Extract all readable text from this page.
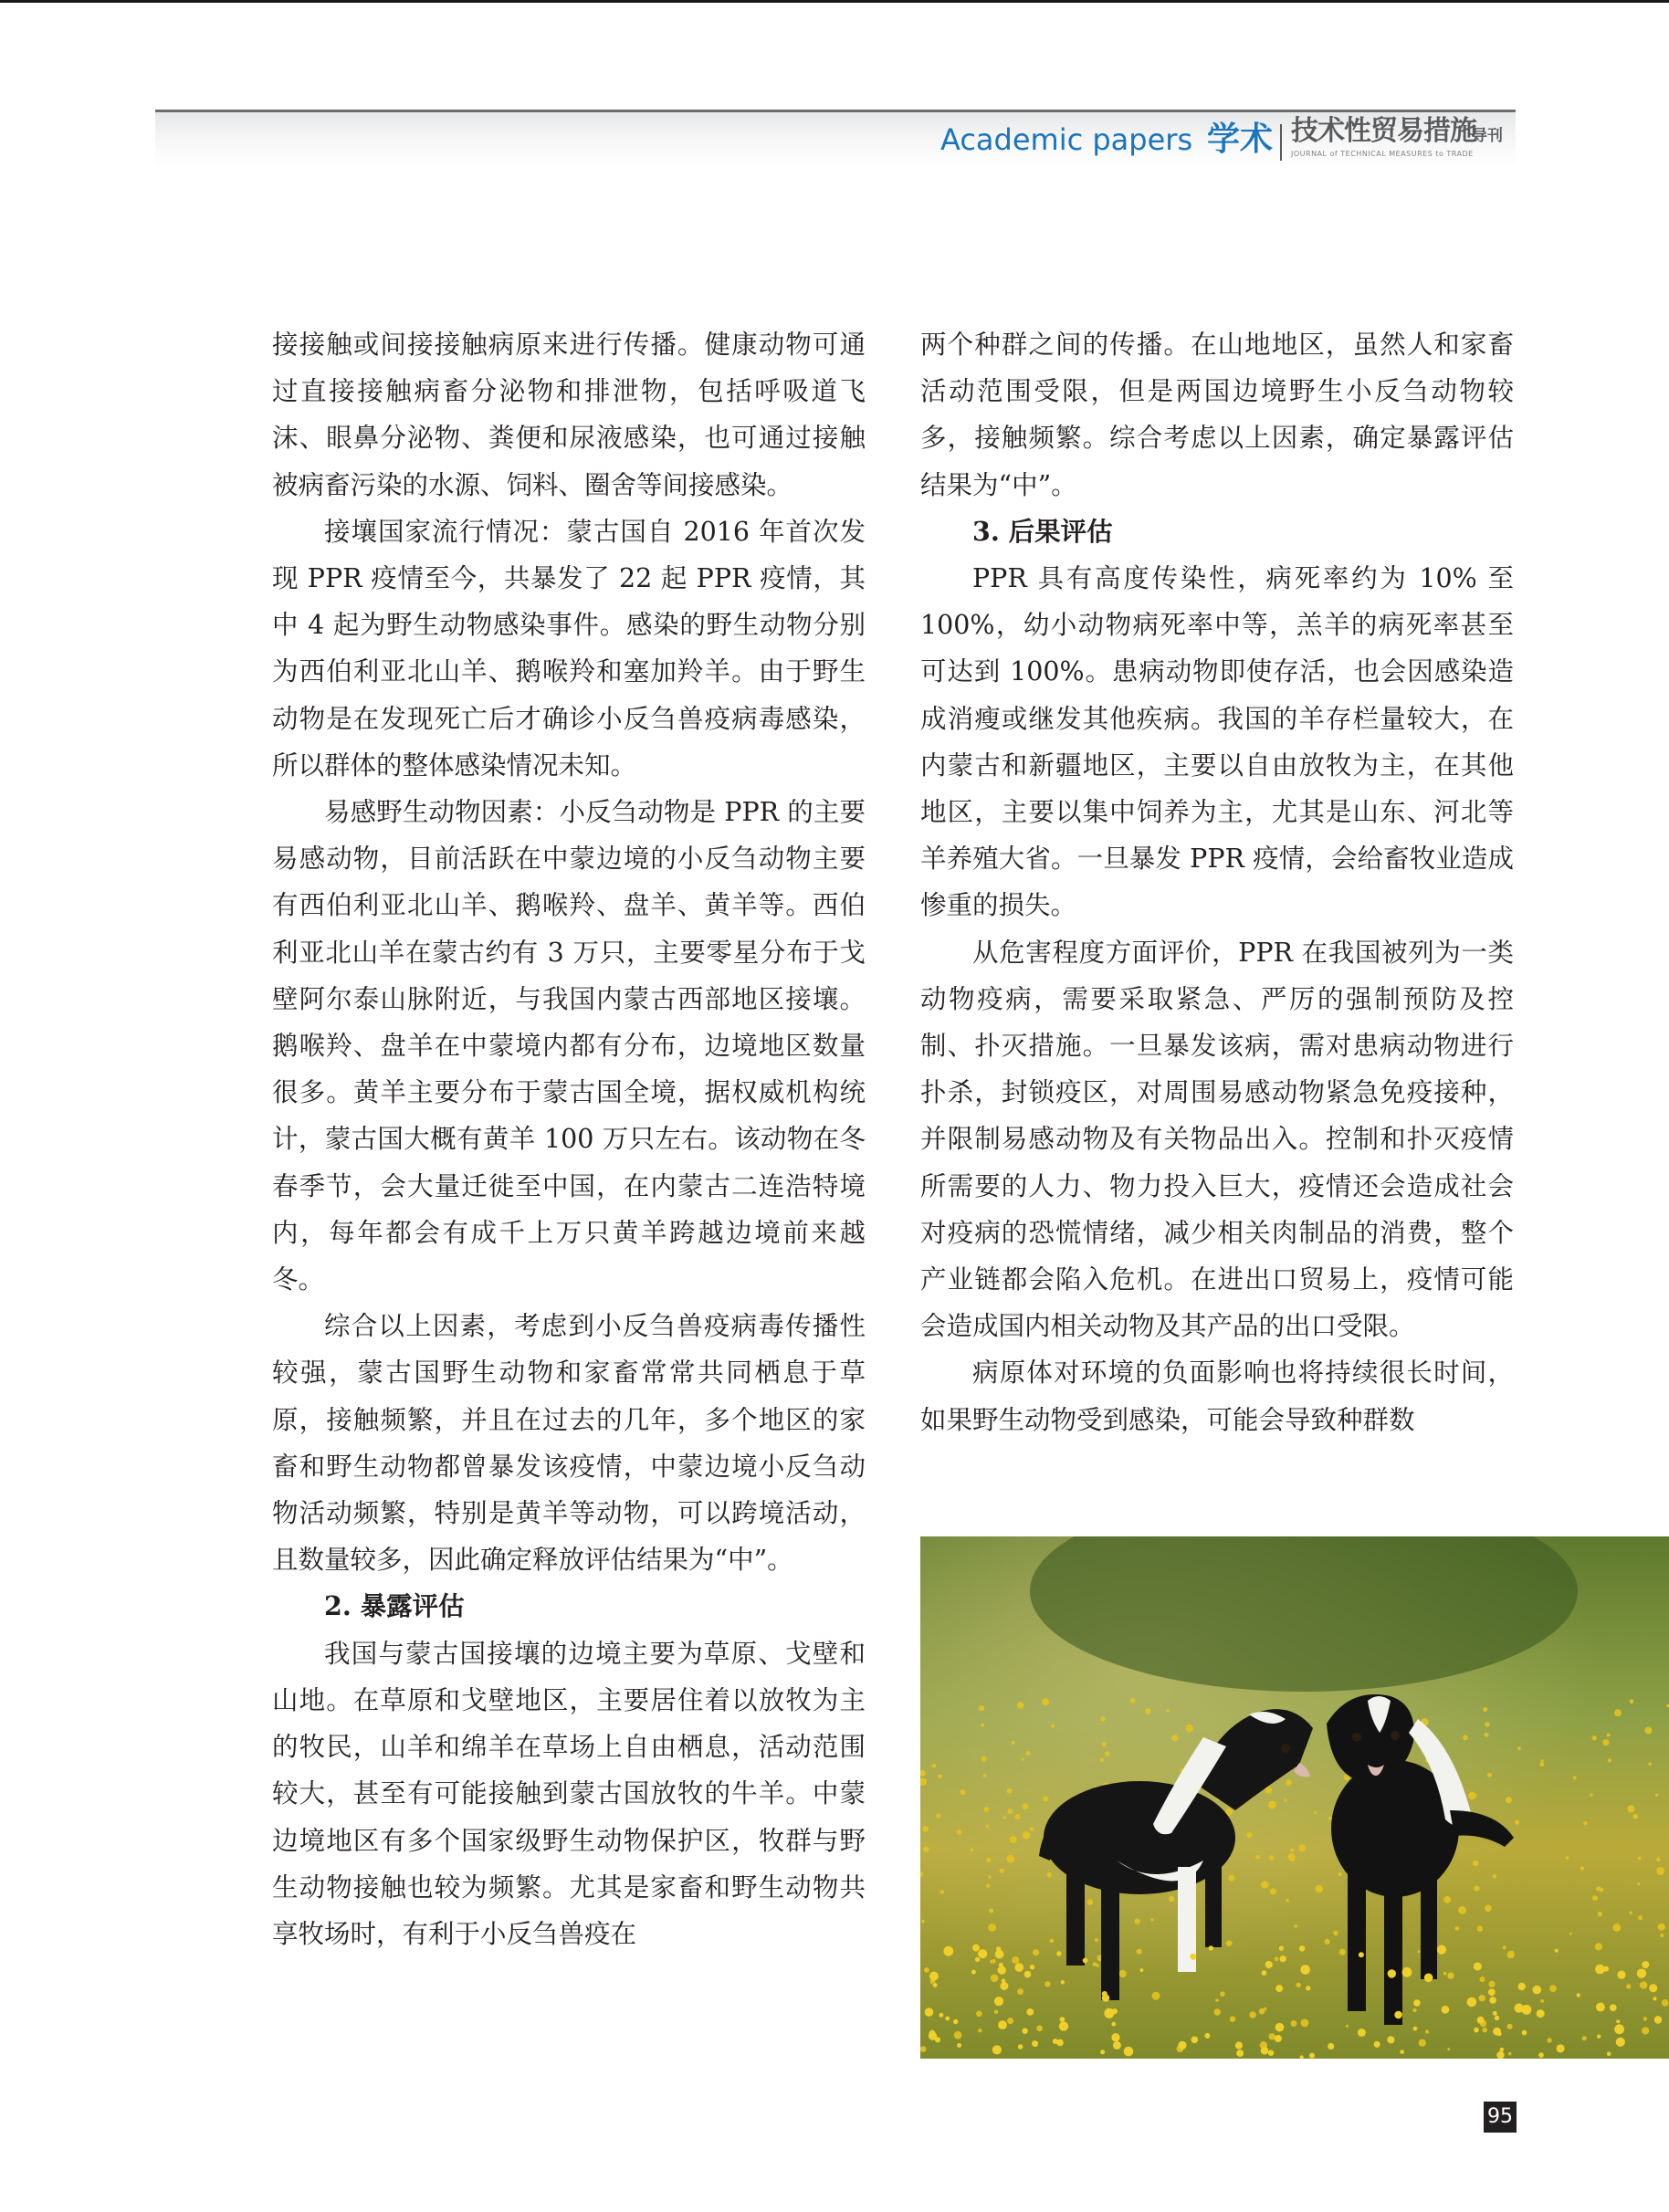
Academic papers 学术 技术性贸易措施
导刊
JOURNAL of TECHNICAL MEASURES to TRADE

接接触或间接接触病原来进行传播。健康动物可通过直接接触病畜分泌物和排泄物，包括呼吸道飞沫、眼鼻分泌物、粪便和尿液感染，也可通过接触被病畜污染的水源、饲料、圈舍等间接感染。

接壤国家流行情况：蒙古国自 2016 年首次发现 PPR 疫情至今，共暴发了 22 起 PPR 疫情，其中 4 起为野生动物感染事件。感染的野生动物分别为西伯利亚北山羊、鹅喉羚和塞加羚羊。由于野生动物是在发现死亡后才确诊小反刍兽疫病毒感染，所以群体的整体感染情况未知。

易感野生动物因素：小反刍动物是 PPR 的主要易感动物，目前活跃在中蒙边境的小反刍动物主要有西伯利亚北山羊、鹅喉羚、盘羊、黄羊等。西伯利亚北山羊在蒙古约有 3 万只，主要零星分布于戈壁阿尔泰山脉附近，与我国内蒙古西部地区接壤。鹅喉羚、盘羊在中蒙境内都有分布，边境地区数量很多。黄羊主要分布于蒙古国全境，据权威机构统计，蒙古国大概有黄羊 100 万只左右。该动物在冬春季节，会大量迁徙至中国，在内蒙古二连浩特境内，每年都会有成千上万只黄羊跨越边境前来越冬。

综合以上因素，考虑到小反刍兽疫病毒传播性较强，蒙古国野生动物和家畜常常共同栖息于草原，接触频繁，并且在过去的几年，多个地区的家畜和野生动物都曾暴发该疫情，中蒙边境小反刍动物活动频繁，特别是黄羊等动物，可以跨境活动，且数量较多，因此确定释放评估结果为“中”。

2. 暴露评估

我国与蒙古国接壤的边境主要为草原、戈壁和山地。在草原和戈壁地区，主要居住着以放牧为主的牧民，山羊和绵羊在草场上自由栖息，活动范围较大，甚至有可能接触到蒙古国放牧的牛羊。中蒙边境地区有多个国家级野生动物保护区，牧群与野生动物接触也较为频繁。尤其是家畜和野生动物共享牧场时，有利于小反刍兽疫在

两个种群之间的传播。在山地地区，虽然人和家畜活动范围受限，但是两国边境野生小反刍动物较多，接触频繁。综合考虑以上因素，确定暴露评估结果为“中”。

3. 后果评估

PPR 具有高度传染性，病死率约为 10% 至 100%，幼小动物病死率中等，羔羊的病死率甚至可达到 100%。患病动物即使存活，也会因感染造成消瘦或继发其他疾病。我国的羊存栏量较大，在内蒙古和新疆地区，主要以自由放牧为主，在其他地区，主要以集中饲养为主，尤其是山东、河北等羊养殖大省。一旦暴发 PPR 疫情，会给畜牧业造成惨重的损失。

从危害程度方面评价，PPR 在我国被列为一类动物疫病，需要采取紧急、严厉的强制预防及控制、扑灭措施。一旦暴发该病，需对患病动物进行扑杀，封锁疫区，对周围易感动物紧急免疫接种，并限制易感动物及有关物品出入。控制和扑灭疫情所需要的人力、物力投入巨大，疫情还会造成社会对疫病的恐慌情绪，减少相关肉制品的消费，整个产业链都会陷入危机。在进出口贸易上，疫情可能会造成国内相关动物及其产品的出口受限。

病原体对环境的负面影响也将持续很长时间，如果野生动物受到感染，可能会导致种群数

95
